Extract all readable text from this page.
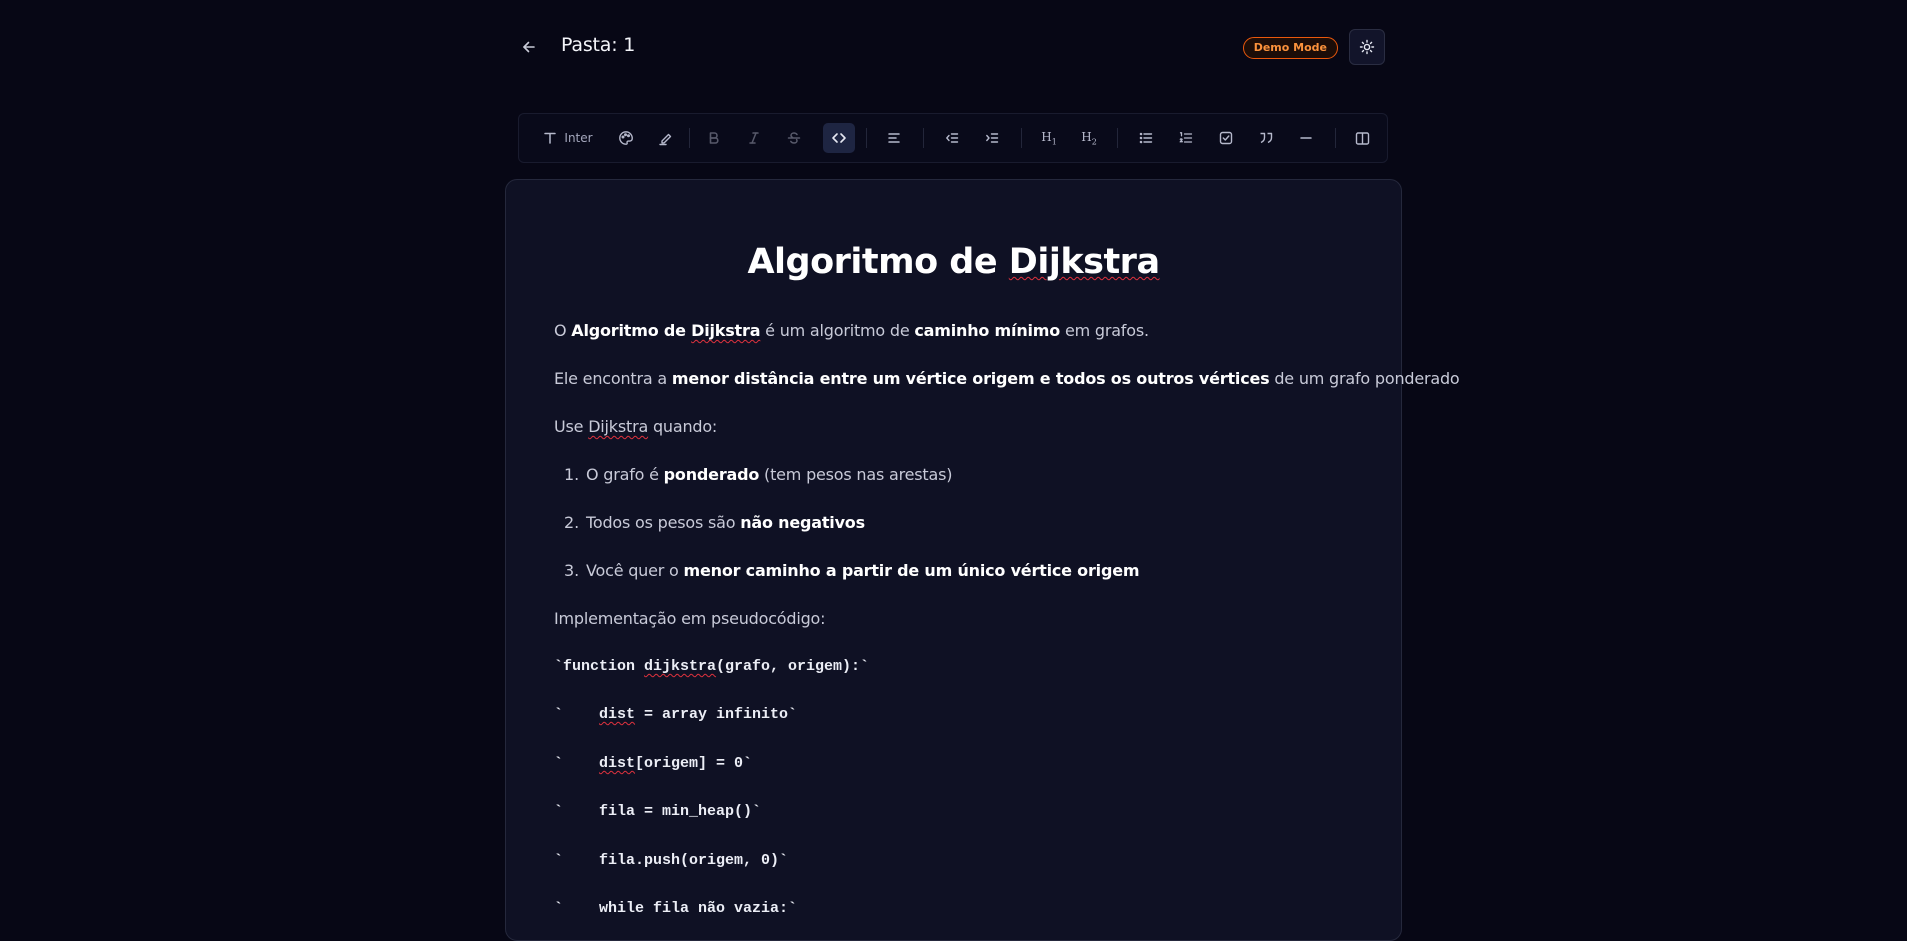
Pasta: 1	Demo Mode
Inter	$H_1$ $H_2$
Algoritmo de Dijkstra
O Algoritmo de Dijkstra é um algoritmo de caminho mínimo em grafos.
Ele encontra a menor distância entre um vértice origem e todos os outros vértices de um grafo ponderado
Use Dijkstra quando:
1. O grafo é ponderado (tem pesos nas arestas)
2. Todos os pesos são não negativos
3. Você quer o menor caminho a partir de um único vértice origem
Implementação em pseudocódigo:
`function dijkstra(grafo, origem):`
`    dist = array infinito`
`    dist[origem] = 0`
`    fila = min_heap()`
`    fila.push(origem, 0)`
`    while fila não vazia:`
